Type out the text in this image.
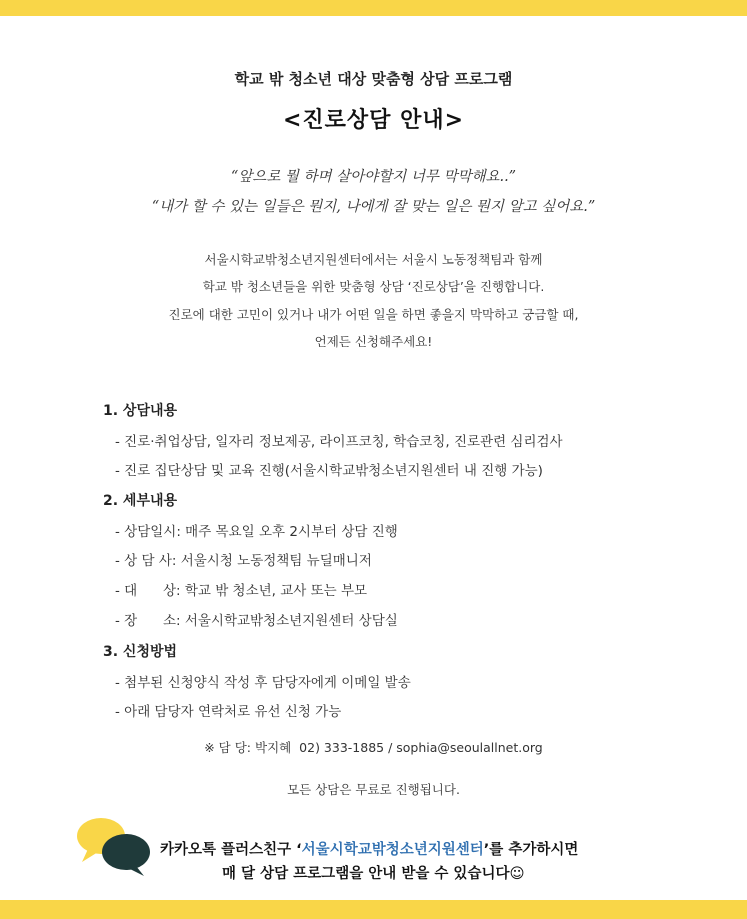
학교 밖 청소년 대상 맞춤형 상담 프로그램
<진로상담 안내>
“앞으로 뭘 하며 살아야할지 너무 막막해요..”
“내가 할 수 있는 일들은 뭔지, 나에게 잘 맞는 일은 뭔지 알고 싶어요.”
서울시학교밖청소년지원센터에서는 서울시 노동정책팀과 함께
학교 밖 청소년들을 위한 맞춤형 상담 ‘진로상담’을 진행합니다.
진로에 대한 고민이 있거나 내가 어떤 일을 하면 좋을지 막막하고 궁금할 때,
언제든 신청해주세요!
1. 상담내용
- 진로·취업상담, 일자리 정보제공, 라이프코칭, 학습코칭, 진로관련 심리검사
- 진로 집단상담 및 교육 진행(서울시학교밖청소년지원센터 내 진행 가능)
2. 세부내용
- 상담일시: 매주 목요일 오후 2시부터 상담 진행
- 상 담 사: 서울시청 노동정책팀 뉴딜매니저
- 대      상: 학교 밖 청소년, 교사 또는 부모
- 장      소: 서울시학교밖청소년지원센터 상담실
3. 신청방법
- 첨부된 신청양식 작성 후 담당자에게 이메일 발송
- 아래 담당자 연락처로 유선 신청 가능
※ 담 당: 박지혜  02) 333-1885 / sophia@seoulallnet.org
모든 상담은 무료로 진행됩니다.
카카오톡 플러스친구 ‘서울시학교밖청소년지원센터’를 추가하시면
매 달 상담 프로그램을 안내 받을 수 있습니다☺
